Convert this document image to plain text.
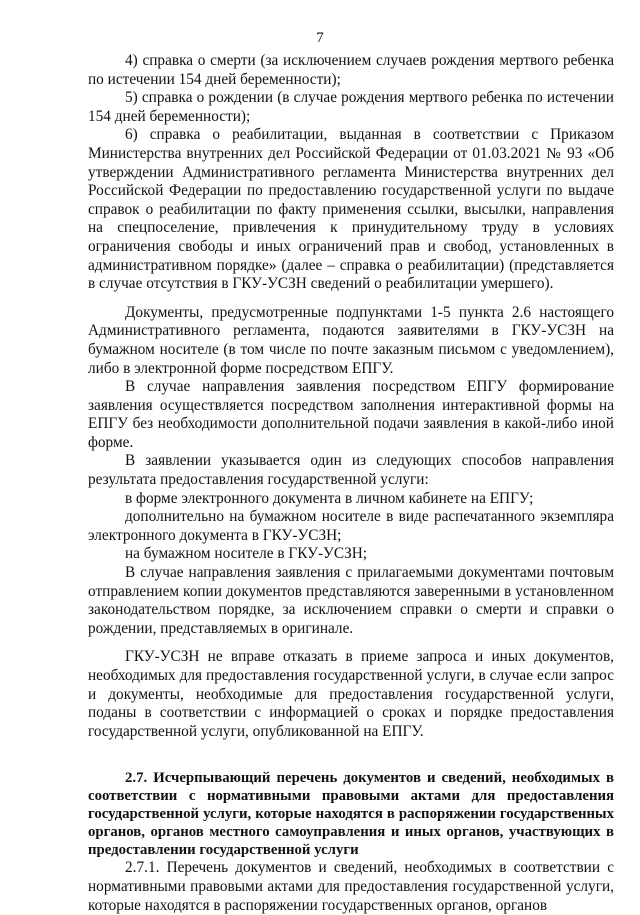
7

4) справка о смерти (за исключением случаев рождения мертвого ребенка по истечении 154 дней беременности);

5) справка о рождении (в случае рождения мертвого ребенка по истечении 154 дней беременности);

6) справка о реабилитации, выданная в соответствии с Приказом Министерства внутренних дел Российской Федерации от 01.03.2021 № 93 «Об утверждении Административного регламента Министерства внутренних дел Российской Федерации по предоставлению государственной услуги по выдаче справок о реабилитации по факту применения ссылки, высылки, направления на спецпоселение, привлечения к принудительному труду в условиях ограничения свободы и иных ограничений прав и свобод, установленных в административном порядке» (далее – справка о реабилитации) (представляется в случае отсутствия в ГКУ-УСЗН сведений о реабилитации умершего).

Документы, предусмотренные подпунктами 1-5 пункта 2.6 настоящего Административного регламента, подаются заявителями в ГКУ-УСЗН на бумажном носителе (в том числе по почте заказным письмом с уведомлением), либо в электронной форме посредством ЕПГУ.

В случае направления заявления посредством ЕПГУ формирование заявления осуществляется посредством заполнения интерактивной формы на ЕПГУ без необходимости дополнительной подачи заявления в какой-либо иной форме.

В заявлении указывается один из следующих способов направления результата предоставления государственной услуги:

в форме электронного документа в личном кабинете на ЕПГУ;

дополнительно на бумажном носителе в виде распечатанного экземпляра электронного документа в ГКУ-УСЗН;

на бумажном носителе в ГКУ-УСЗН;

В случае направления заявления с прилагаемыми документами почтовым отправлением копии документов представляются заверенными в установленном законодательством порядке, за исключением справки о смерти и справки о рождении, представляемых в оригинале.

ГКУ-УСЗН не вправе отказать в приеме запроса и иных документов, необходимых для предоставления государственной услуги, в случае если запрос и документы, необходимые для предоставления государственной услуги, поданы в соответствии с информацией о сроках и порядке предоставления государственной услуги, опубликованной на ЕПГУ.

2.7. Исчерпывающий перечень документов и сведений, необходимых в соответствии с нормативными правовыми актами для предоставления государственной услуги, которые находятся в распоряжении государственных органов, органов местного самоуправления и иных органов, участвующих в предоставлении государственной услуги

2.7.1. Перечень документов и сведений, необходимых в соответствии с нормативными правовыми актами для предоставления государственной услуги, которые находятся в распоряжении государственных органов, органов
